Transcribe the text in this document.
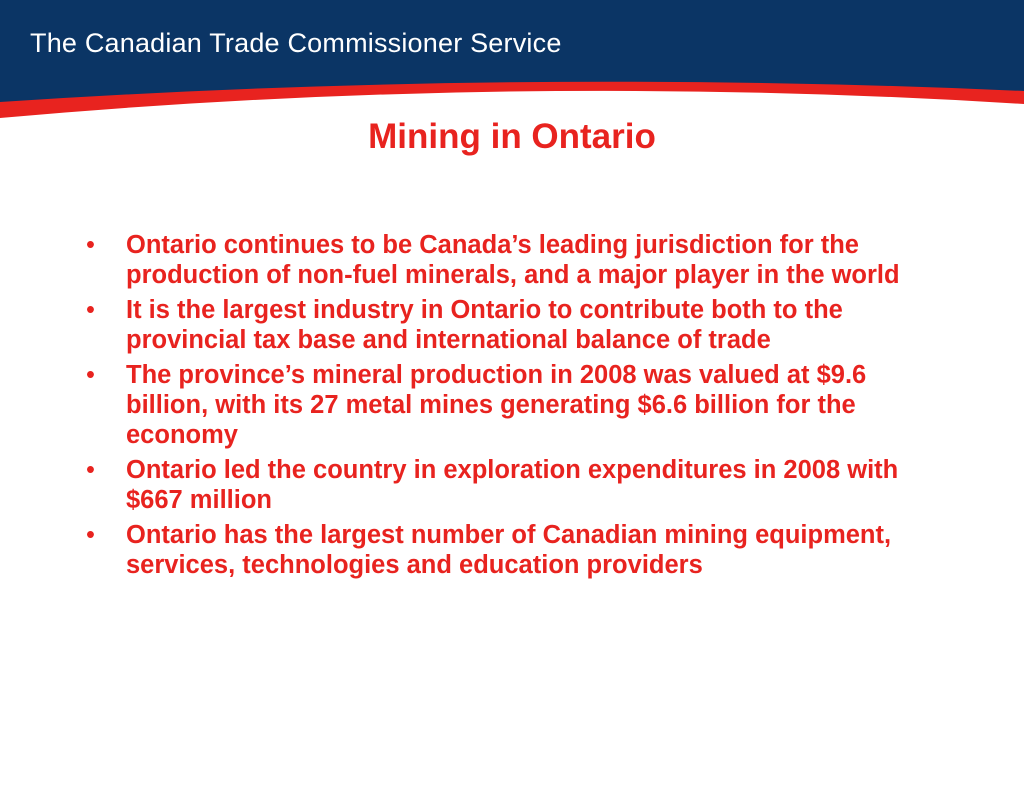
The Canadian Trade Commissioner Service
Mining in Ontario
• Ontario continues to be Canada’s leading jurisdiction for the production of non-fuel minerals, and a major player in the world
• It is the largest industry in Ontario to contribute both to the provincial tax base and international balance of trade
• The province’s mineral production in 2008 was valued at $9.6 billion, with its 27 metal mines generating $6.6 billion for the economy
• Ontario led the country in exploration expenditures in 2008 with $667 million
• Ontario has the largest number of Canadian mining equipment, services, technologies and education providers
